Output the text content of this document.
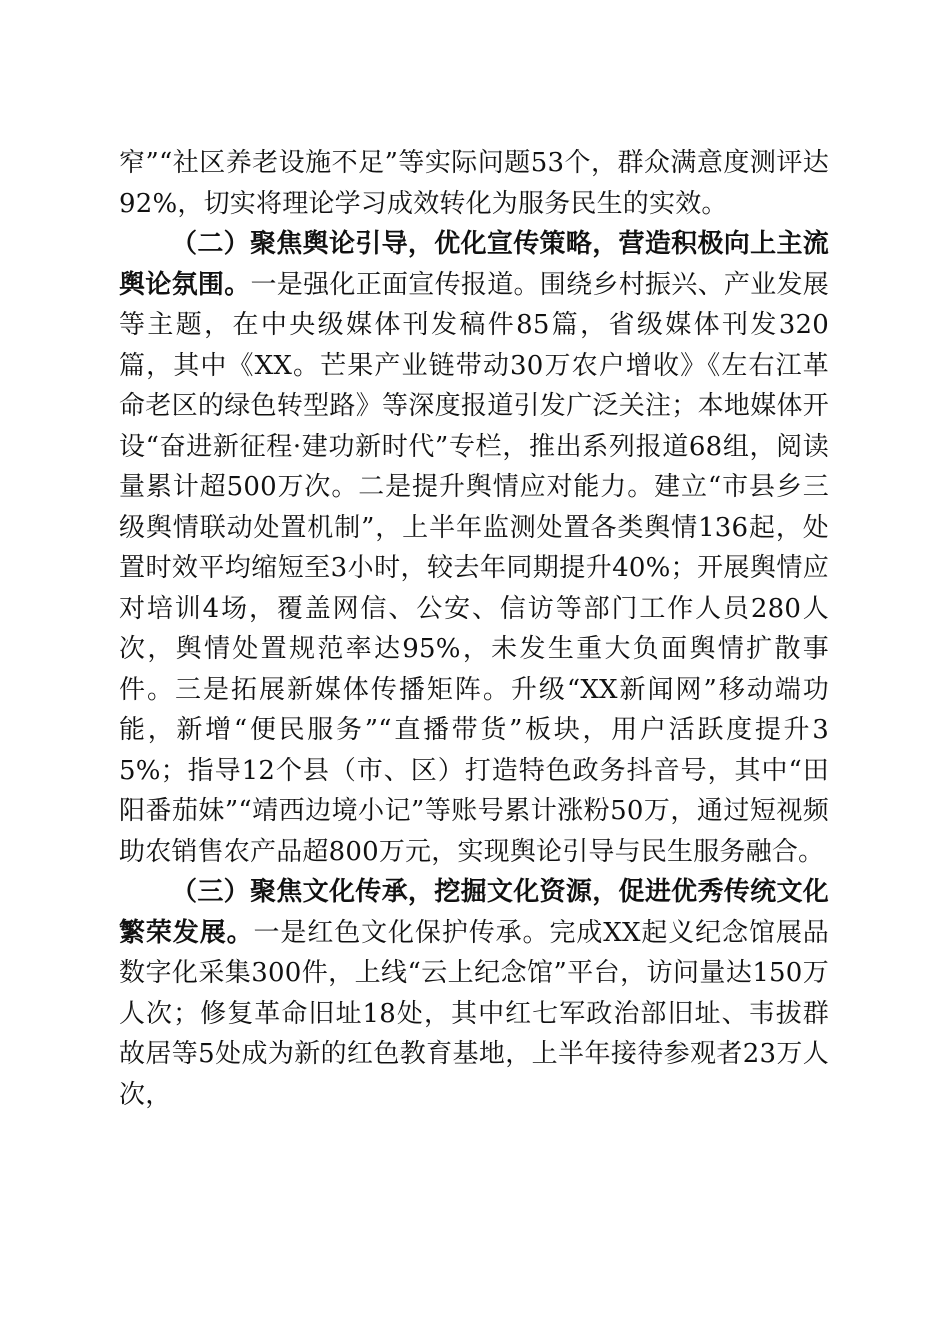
窄”“社区养老设施不足”等实际问题53个，群众满意度测评达92%，切实将理论学习成效转化为服务民生的实效。

（二）聚焦舆论引导，优化宣传策略，营造积极向上主流舆论氛围。一是强化正面宣传报道。围绕乡村振兴、产业发展等主题，在中央级媒体刊发稿件85篇，省级媒体刊发320篇，其中《XX。芒果产业链带动30万农户增收》《左右江革命老区的绿色转型路》等深度报道引发广泛关注；本地媒体开设“奋进新征程·建功新时代”专栏，推出系列报道68组，阅读量累计超500万次。二是提升舆情应对能力。建立“市县乡三级舆情联动处置机制”，上半年监测处置各类舆情136起，处置时效平均缩短至3小时，较去年同期提升40%；开展舆情应对培训4场，覆盖网信、公安、信访等部门工作人员280人次，舆情处置规范率达95%，未发生重大负面舆情扩散事件。三是拓展新媒体传播矩阵。升级“XX新闻网”移动端功能，新增“便民服务”“直播带货”板块，用户活跃度提升35%；指导12个县（市、区）打造特色政务抖音号，其中“田阳番茄妹”“靖西边境小记”等账号累计涨粉50万，通过短视频助农销售农产品超800万元，实现舆论引导与民生服务融合。

（三）聚焦文化传承，挖掘文化资源，促进优秀传统文化繁荣发展。一是红色文化保护传承。完成XX起义纪念馆展品数字化采集300件，上线“云上纪念馆”平台，访问量达150万人次；修复革命旧址18处，其中红七军政治部旧址、韦拔群故居等5处成为新的红色教育基地，上半年接待参观者23万人次，
